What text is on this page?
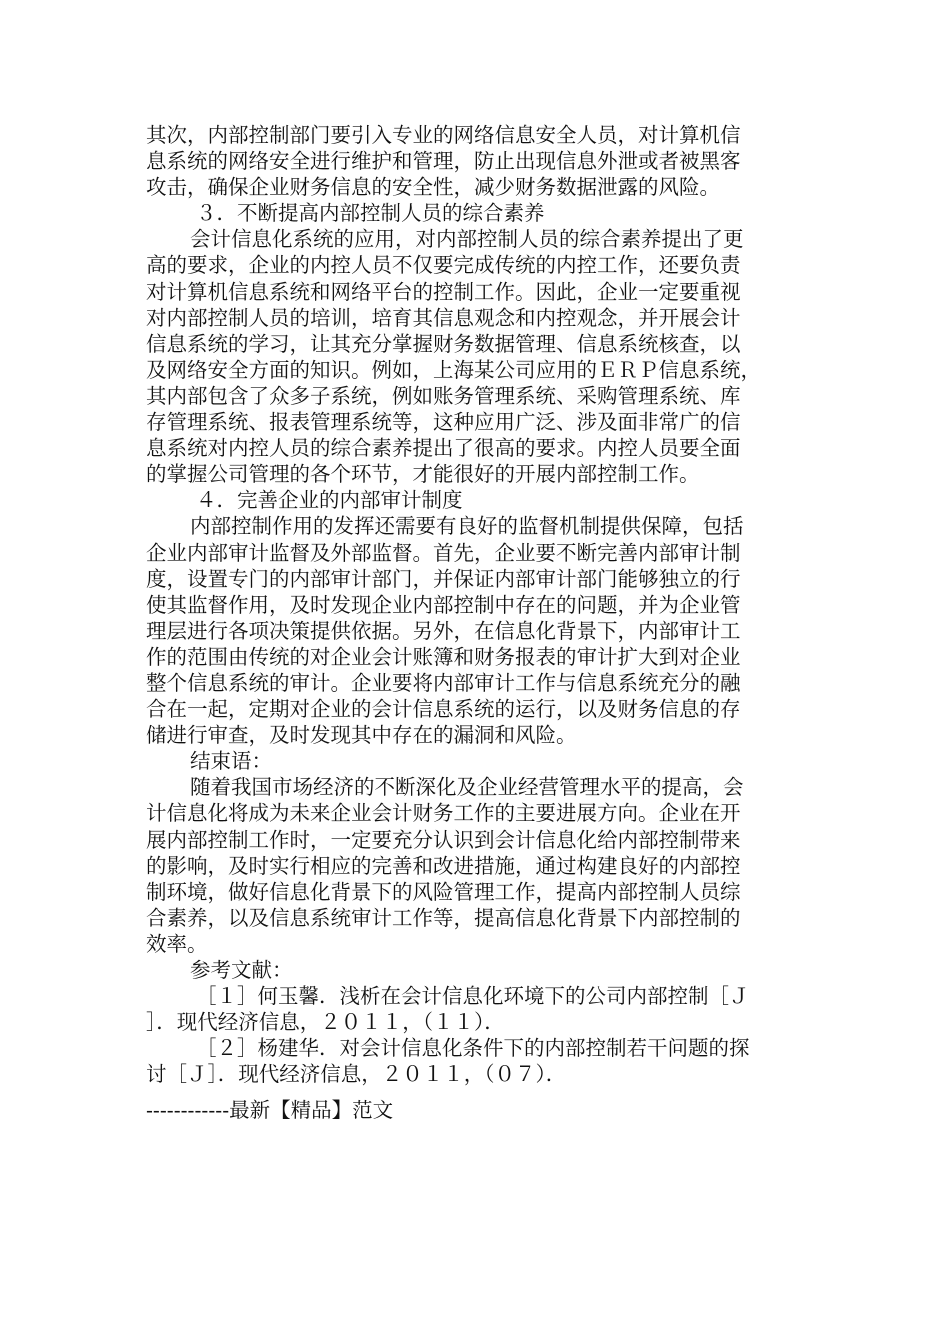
其次，内部控制部门要引入专业的网络信息安全人员，对计算机信
息系统的网络安全进行维护和管理，防止出现信息外泄或者被黑客
攻击，确保企业财务信息的安全性，减少财务数据泄露的风险。
３．不断提高内部控制人员的综合素养
会计信息化系统的应用，对内部控制人员的综合素养提出了更
高的要求，企业的内控人员不仅要完成传统的内控工作，还要负责
对计算机信息系统和网络平台的控制工作。因此，企业一定要重视
对内部控制人员的培训，培育其信息观念和内控观念，并开展会计
信息系统的学习，让其充分掌握财务数据管理、信息系统核查，以
及网络安全方面的知识。例如，上海某公司应用的ＥＲＰ信息系统，
其内部包含了众多子系统，例如账务管理系统、采购管理系统、库
存管理系统、报表管理系统等，这种应用广泛、涉及面非常广的信
息系统对内控人员的综合素养提出了很高的要求。内控人员要全面
的掌握公司管理的各个环节，才能很好的开展内部控制工作。
４．完善企业的内部审计制度
内部控制作用的发挥还需要有良好的监督机制提供保障，包括
企业内部审计监督及外部监督。首先，企业要不断完善内部审计制
度，设置专门的内部审计部门，并保证内部审计部门能够独立的行
使其监督作用，及时发现企业内部控制中存在的问题，并为企业管
理层进行各项决策提供依据。另外，在信息化背景下，内部审计工
作的范围由传统的对企业会计账簿和财务报表的审计扩大到对企业
整个信息系统的审计。企业要将内部审计工作与信息系统充分的融
合在一起，定期对企业的会计信息系统的运行，以及财务信息的存
储进行审查，及时发现其中存在的漏洞和风险。
结束语：
随着我国市场经济的不断深化及企业经营管理水平的提高，会
计信息化将成为未来企业会计财务工作的主要进展方向。企业在开
展内部控制工作时，一定要充分认识到会计信息化给内部控制带来
的影响，及时实行相应的完善和改进措施，通过构建良好的内部控
制环境，做好信息化背景下的风险管理工作，提高内部控制人员综
合素养，以及信息系统审计工作等，提高信息化背景下内部控制的
效率。
参考文献：
［１］何玉馨．浅析在会计信息化环境下的公司内部控制［Ｊ
］．现代经济信息，２０１１，（１１）．
［２］杨建华．对会计信息化条件下的内部控制若干问题的探
讨［Ｊ］．现代经济信息，２０１１，（０７）．
------------最新【精品】范文
